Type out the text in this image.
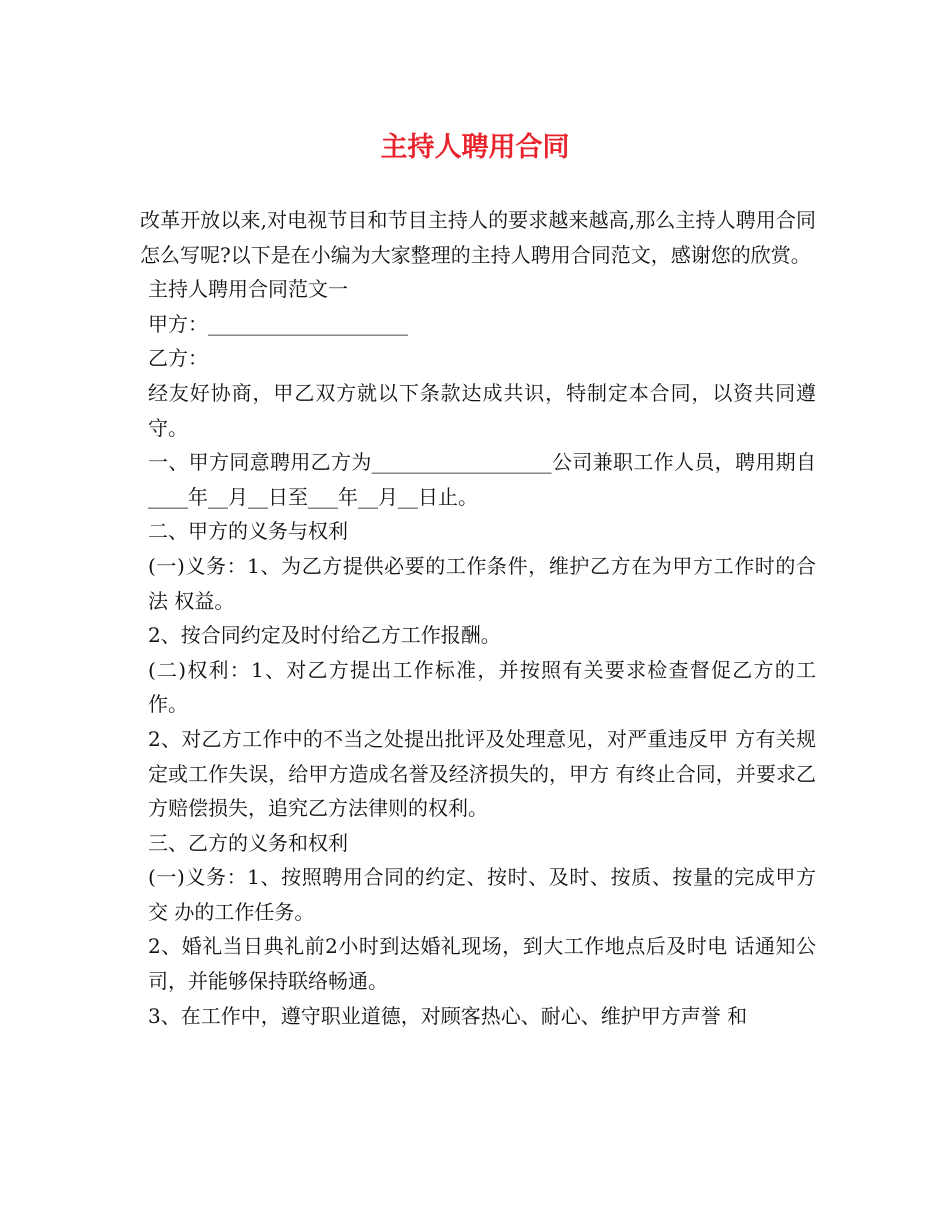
主持人聘用合同

改革开放以来,对电视节目和节目主持人的要求越来越高,那么主持人聘用合同怎么写呢?以下是在小编为大家整理的主持人聘用合同范文，感谢您的欣赏。

主持人聘用合同范文一

甲方：____________________

乙方：

经友好协商，甲乙双方就以下条款达成共识，特制定本合同，以资共同遵守。

一、甲方同意聘用乙方为__________________公司兼职工作人员，聘用期自____年__月__日至___年__月__日止。

二、甲方的义务与权利

(一)义务：1、为乙方提供必要的工作条件，维护乙方在为甲方工作时的合法 权益。

2、按合同约定及时付给乙方工作报酬。

(二)权利：1、对乙方提出工作标准，并按照有关要求检查督促乙方的工作。

2、对乙方工作中的不当之处提出批评及处理意见，对严重违反甲 方有关规定或工作失误，给甲方造成名誉及经济损失的，甲方 有终止合同，并要求乙方赔偿损失，追究乙方法律则的权利。

三、乙方的义务和权利

(一)义务：1、按照聘用合同的约定、按时、及时、按质、按量的完成甲方交 办的工作任务。

2、婚礼当日典礼前2小时到达婚礼现场，到大工作地点后及时电 话通知公司，并能够保持联络畅通。

3、在工作中，遵守职业道德，对顾客热心、耐心、维护甲方声誉 和
